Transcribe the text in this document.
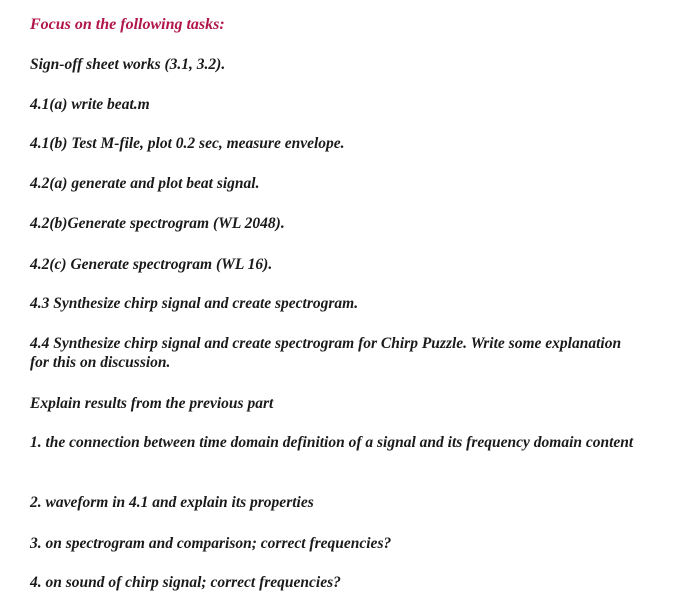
Focus on the following tasks:

Sign-off sheet works (3.1, 3.2).

4.1(a) write beat.m

4.1(b) Test M-file, plot 0.2 sec, measure envelope.

4.2(a) generate and plot beat signal.

4.2(b)Generate spectrogram (WL 2048).

4.2(c) Generate spectrogram (WL 16).

4.3 Synthesize chirp signal and create spectrogram.

4.4 Synthesize chirp signal and create spectrogram for Chirp Puzzle. Write some explanation for this on discussion.

Explain results from the previous part

1. the connection between time domain definition of a signal and its frequency domain content

2. waveform in 4.1 and explain its properties

3. on spectrogram and comparison; correct frequencies?

4. on sound of chirp signal; correct frequencies?
